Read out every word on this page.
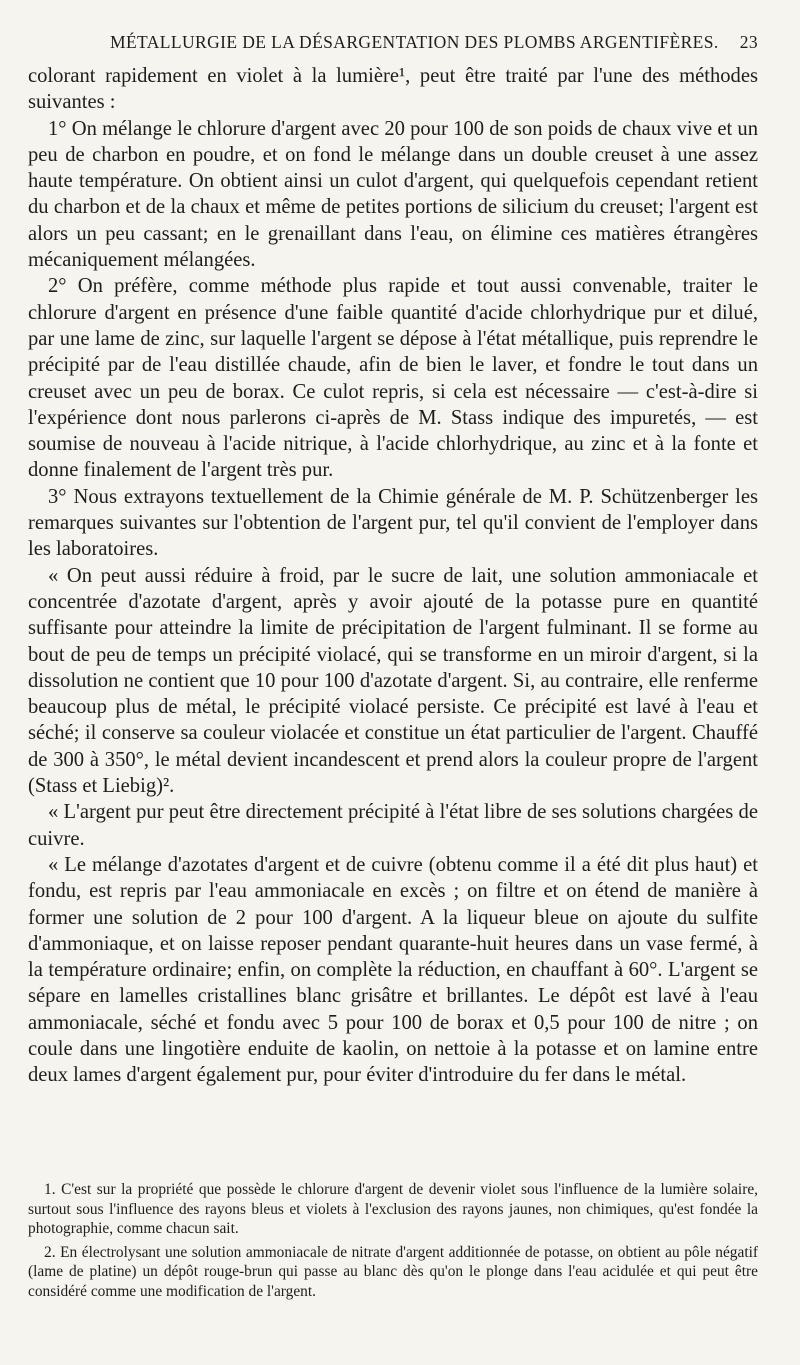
MÉTALLURGIE DE LA DÉSARGENTATION DES PLOMBS ARGENTIFÈRES. 23

colorant rapidement en violet à la lumière¹, peut être traité par l'une des méthodes suivantes :

1° On mélange le chlorure d'argent avec 20 pour 100 de son poids de chaux vive et un peu de charbon en poudre, et on fond le mélange dans un double creuset à une assez haute température. On obtient ainsi un culot d'argent, qui quelquefois cependant retient du charbon et de la chaux et même de petites portions de silicium du creuset; l'argent est alors un peu cassant; en le grenaillant dans l'eau, on élimine ces matières étrangères mécaniquement mélangées.

2° On préfère, comme méthode plus rapide et tout aussi convenable, traiter le chlorure d'argent en présence d'une faible quantité d'acide chlorhydrique pur et dilué, par une lame de zinc, sur laquelle l'argent se dépose à l'état métallique, puis reprendre le précipité par de l'eau distillée chaude, afin de bien le laver, et fondre le tout dans un creuset avec un peu de borax. Ce culot repris, si cela est nécessaire — c'est-à-dire si l'expérience dont nous parlerons ci-après de M. Stass indique des impuretés, — est soumise de nouveau à l'acide nitrique, à l'acide chlorhydrique, au zinc et à la fonte et donne finalement de l'argent très pur.

3° Nous extrayons textuellement de la Chimie générale de M. P. Schützenberger les remarques suivantes sur l'obtention de l'argent pur, tel qu'il convient de l'employer dans les laboratoires.

« On peut aussi réduire à froid, par le sucre de lait, une solution ammoniacale et concentrée d'azotate d'argent, après y avoir ajouté de la potasse pure en quantité suffisante pour atteindre la limite de précipitation de l'argent fulminant. Il se forme au bout de peu de temps un précipité violacé, qui se transforme en un miroir d'argent, si la dissolution ne contient que 10 pour 100 d'azotate d'argent. Si, au contraire, elle renferme beaucoup plus de métal, le précipité violacé persiste. Ce précipité est lavé à l'eau et séché; il conserve sa couleur violacée et constitue un état particulier de l'argent. Chauffé de 300 à 350°, le métal devient incandescent et prend alors la couleur propre de l'argent (Stass et Liebig)².

« L'argent pur peut être directement précipité à l'état libre de ses solutions chargées de cuivre.

« Le mélange d'azotates d'argent et de cuivre (obtenu comme il a été dit plus haut) et fondu, est repris par l'eau ammoniacale en excès ; on filtre et on étend de manière à former une solution de 2 pour 100 d'argent. A la liqueur bleue on ajoute du sulfite d'ammoniaque, et on laisse reposer pendant quarante-huit heures dans un vase fermé, à la température ordinaire; enfin, on complète la réduction, en chauffant à 60°. L'argent se sépare en lamelles cristallines blanc grisâtre et brillantes. Le dépôt est lavé à l'eau ammoniacale, séché et fondu avec 5 pour 100 de borax et 0,5 pour 100 de nitre ; on coule dans une lingotière enduite de kaolin, on nettoie à la potasse et on lamine entre deux lames d'argent également pur, pour éviter d'introduire du fer dans le métal.

1. C'est sur la propriété que possède le chlorure d'argent de devenir violet sous l'influence de la lumière solaire, surtout sous l'influence des rayons bleus et violets à l'exclusion des rayons jaunes, non chimiques, qu'est fondée la photographie, comme chacun sait.

2. En électrolysant une solution ammoniacale de nitrate d'argent additionnée de potasse, on obtient au pôle négatif (lame de platine) un dépôt rouge-brun qui passe au blanc dès qu'on le plonge dans l'eau acidulée et qui peut être considéré comme une modification de l'argent.
